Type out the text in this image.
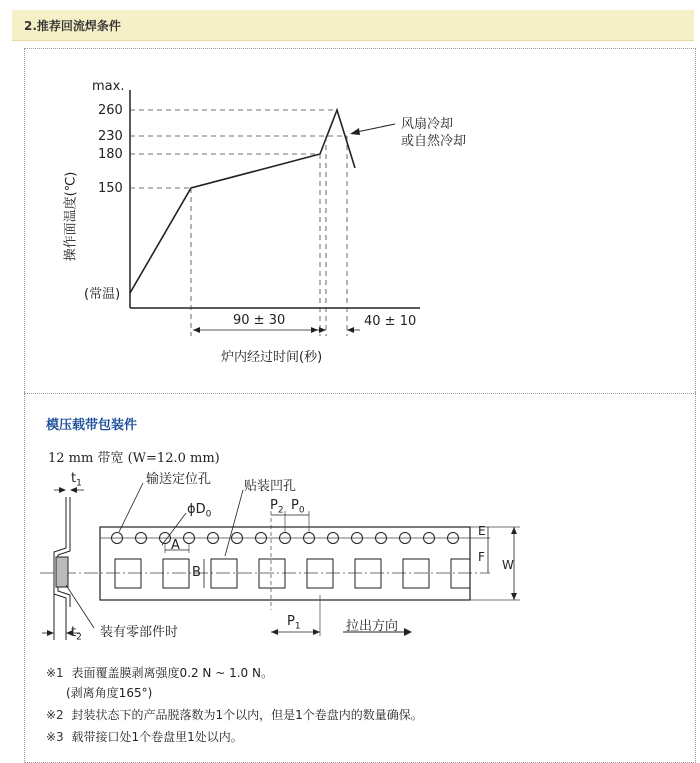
2.推荐回流焊条件
max.
260
230
180
150
(常温)
操作面温度(℃)
90 ± 30	40 ± 10
炉内经过时间(秒)
风扇冷却
或自然冷却
模压载带包装件
12 mm 带宽 (W=12.0 mm)
$t_1$	输送定位孔	贴装凹孔
$\phi D_0$
$P_2$ $P_0$
A
B
E
F
W
装有零部件时
$t_2$
$P_1$	拉出方向
※1 表面覆盖膜剥离强度0.2 N ~ 1.0 N。
(剥离角度165°)
※2 封装状态下的产品脱落数为1个以内，但是1个卷盘内的数量确保。
※3 载带接口处1个卷盘里1处以内。
